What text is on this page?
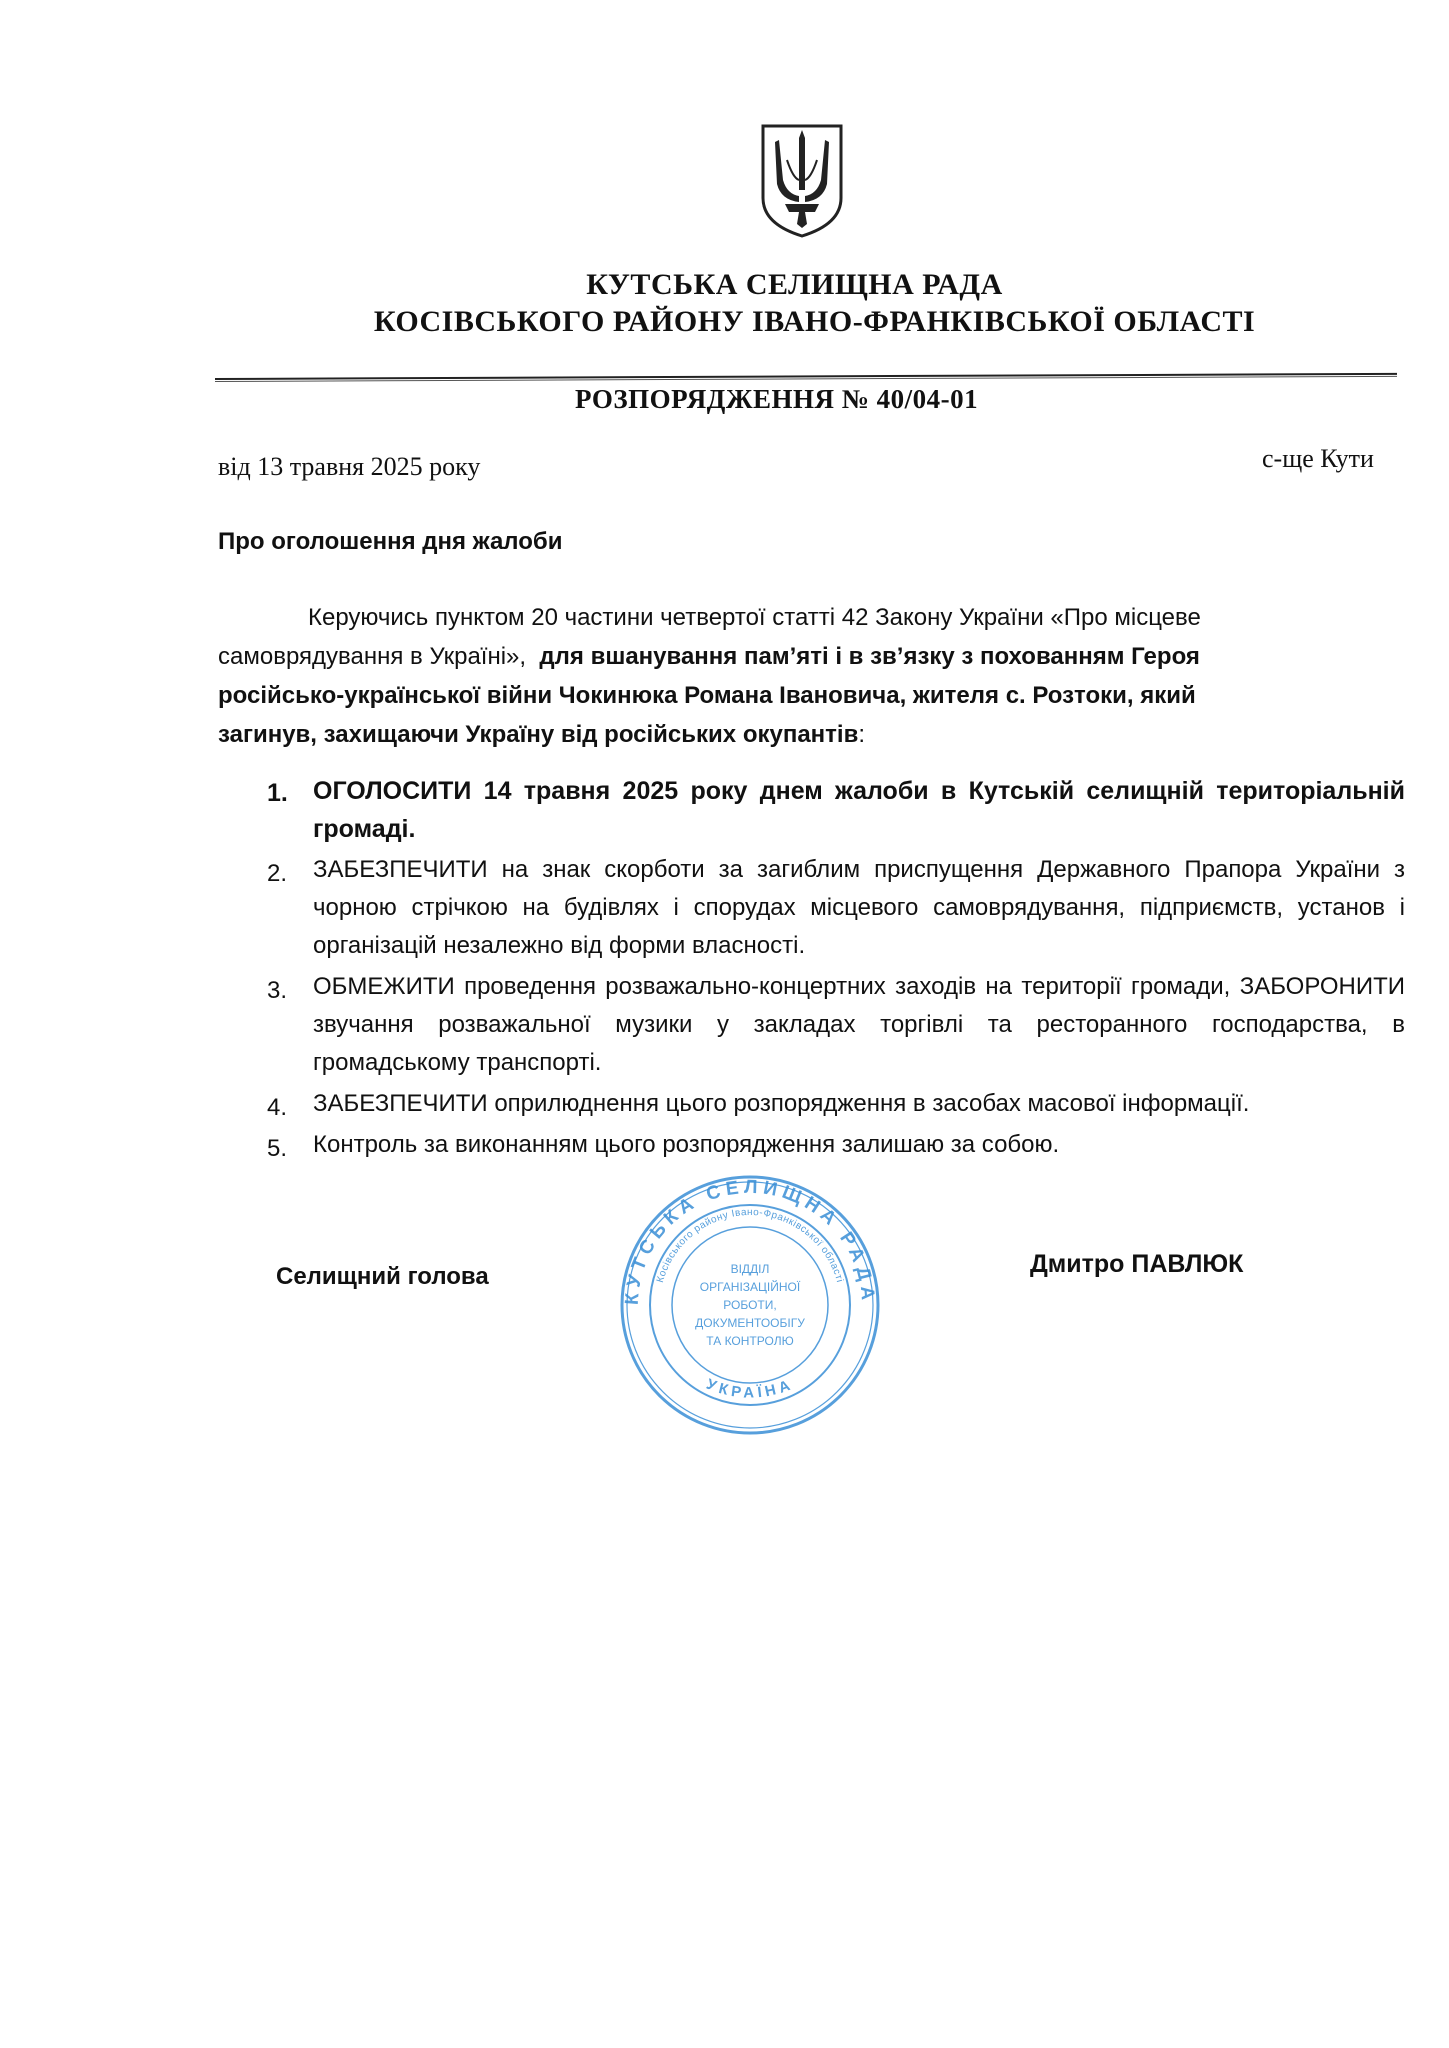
КУТСЬКА СЕЛИЩНА РАДА
КОСІВСЬКОГО РАЙОНУ ІВАНО-ФРАНКІВСЬКОЇ ОБЛАСТІ
РОЗПОРЯДЖЕННЯ № 40/04-01
від 13 травня 2025 року	с-ще Кути
Про оголошення дня жалоби
Керуючись пунктом 20 частини четвертої статті 42 Закону України «Про місцеве
самоврядування в Україні», для вшанування пам’яті і в зв’язку з похованням Героя
російсько-української війни Чокинюка Романа Івановича, жителя с. Розтоки, який
загинув, захищаючи Україну від російських окупантів:
1. ОГОЛОСИТИ 14 травня 2025 року днем жалоби в Кутській селищній територіальній громаді.
2. ЗАБЕЗПЕЧИТИ на знак скорботи за загиблим приспущення Державного Прапора України з чорною стрічкою на будівлях і спорудах місцевого самоврядування, підприємств, установ і організацій незалежно від форми власності.
3. ОБМЕЖИТИ проведення розважально-концертних заходів на території громади, ЗАБОРОНИТИ звучання розважальної музики у закладах торгівлі та ресторанного господарства, в громадському транспорті.
4. ЗАБЕЗПЕЧИТИ оприлюднення цього розпорядження в засобах масової інформації.
5. Контроль за виконанням цього розпорядження залишаю за собою.
КУТСЬКА СЕЛИЩНА РАДА
Косівського району Івано-Франківської області
УКРАЇНА
ВІДДІЛ
ОРГАНІЗАЦІЙНОЇ
РОБОТИ,
ДОКУМЕНТООБІГУ
ТА КОНТРОЛЮ
Селищний голова	Дмитро ПАВЛЮК
